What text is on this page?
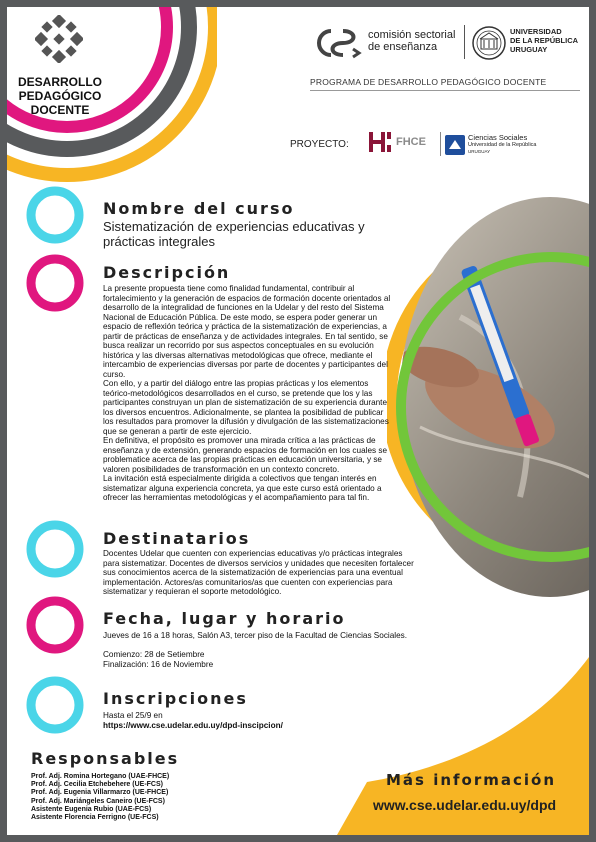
DESARROLLO
PEDAGÓGICO
DOCENTE
comisión sectorial
de enseñanza
UNIVERSIDAD
DE LA REPÚBLICA
URUGUAY
PROGRAMA DE DESARROLLO PEDAGÓGICO DOCENTE
PROYECTO:	FHCE	Ciencias Sociales
Universidad de la República
URUGUAY
Nombre del curso
Sistematización de experiencias educativas y
prácticas integrales
Descripción
La presente propuesta tiene como finalidad fundamental, contribuir al
fortalecimiento y la generación de espacios de formación docente orientados al
desarrollo de la integralidad de funciones en la Udelar y del resto del Sistema
Nacional de Educación Pública. De este modo, se espera poder generar un
espacio de reflexión teórica y práctica de la sistematización de experiencias, a
partir de prácticas de enseñanza y de actividades integrales. En tal sentido, se
busca realizar un recorrido por sus aspectos conceptuales en su evolución
histórica y las diversas alternativas metodológicas que ofrece, mediante el
intercambio de experiencias diversas por parte de docentes y participantes del
curso.
Con ello, y a partir del diálogo entre las propias prácticas y los elementos
teórico-metodológicos desarrollados en el curso, se pretende que los y las
participantes construyan un plan de sistematización de su experiencia durante
los diversos encuentros. Adicionalmente, se plantea la posibilidad de publicar
los resultados para promover la difusión y divulgación de las sistematizaciones
que se generan a partir de este ejercicio.
En definitiva, el propósito es promover una mirada crítica a las prácticas de
enseñanza y de extensión, generando espacios de formación en los cuales se
problematice acerca de las propias prácticas en educación universitaria, y se
valoren posibilidades de transformación en un contexto concreto.
La invitación está especialmente dirigida a colectivos que tengan interés en
sistematizar alguna experiencia concreta, ya que este curso está orientado a
ofrecer las herramientas metodológicas y el acompañamiento para tal fin.
Destinatarios
Docentes Udelar que cuenten con experiencias educativas y/o prácticas integrales
para sistematizar. Docentes de diversos servicios y unidades que necesiten fortalecer
sus conocimientos acerca de la sistematización de experiencias para una eventual
implementación. Actores/as comunitarios/as que cuenten con experiencias para
sistematizar y requieran el soporte metodológico.
Fecha, lugar y horario
Jueves de 16 a 18 horas, Salón A3, tercer piso de la Facultad de Ciencias Sociales.
Comienzo: 28 de Setiembre
Finalización: 16 de Noviembre
Inscripciones
Hasta el 25/9 en
https://www.cse.udelar.edu.uy/dpd-inscipcion/
Responsables
Prof. Adj. Romina Hortegano (UAE-FHCE)
Prof. Adj. Cecilia Etchebehere (UE-FCS)
Prof. Adj. Eugenia Villarmarzo (UE-FHCE)
Prof. Adj. Mariángeles Caneiro (UE-FCS)
Asistente Eugenia Rubio (UAE-FCS)
Asistente Florencia Ferrigno (UE-FCS)
Más información
www.cse.udelar.edu.uy/dpd
